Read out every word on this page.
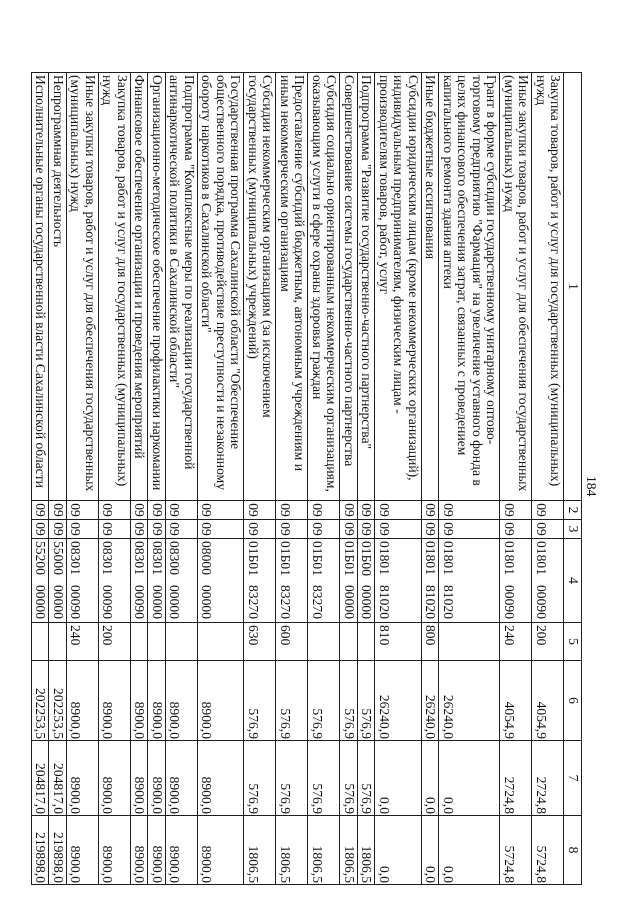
184
1	2	3	4	5	6	7	8
Закупка товаров, работ и услуг для государственных (муниципальных)
нужд	09	09	01801 00090	200	4054,9	2724,8	5724,8
Иные закупки товаров, работ и услуг для обеспечения государственных
(муниципальных) нужд	09	09	01801 00090	240	4054,9	2724,8	5724,8
Грант в форме субсидии государственному унитарному оптово-
торговому предприятию "Фармация" на увеличение уставного фонда в
целях финансового обеспечения затрат, связанных с проведением
капитального ремонта здания аптеки	09	09	01801 81020		26240,0	0,0	0,0
Иные бюджетные ассигнования	09	09	01801 81020	800	26240,0	0,0	0,0
Субсидии юридическим лицам (кроме некоммерческих организаций),
индивидуальным предпринимателям, физическим лицам -
производителям товаров, работ, услуг	09	09	01801 81020	810	26240,0	0,0	0,0
Подпрограмма "Развитие государственно-частного партнерства"	09	09	01Б00 00000		576,9	576,9	1806,5
Совершенствование системы государственно-частного партнерства	09	09	01Б01 00000		576,9	576,9	1806,5
Субсидия социально ориентированным некоммерческим организациям,
оказывающим услуги в сфере охраны здоровья граждан	09	09	01Б01 83270		576,9	576,9	1806,5
Предоставление субсидий бюджетным, автономным учреждениям и
иным некоммерческим организациям	09	09	01Б01 83270	600	576,9	576,9	1806,5
Субсидии некоммерческим организациям (за исключением
государственных (муниципальных) учреждений)	09	09	01Б01 83270	630	576,9	576,9	1806,5
Государственная программа Сахалинской области "Обеспечение
общественного порядка, противодействие преступности и незаконному
обороту наркотиков в Сахалинской области"	09	09	08000 00000		8900,0	8900,0	8900,0
Подпрограмма "Комплексные меры по реализации государственной
антинаркотической политики в Сахалинской области"	09	09	08300 00000		8900,0	8900,0	8900,0
Организационно-методическое обеспечение профилактики наркомании	09	09	08301 00000		8900,0	8900,0	8900,0
Финансовое обеспечение организации и проведения мероприятий	09	09	08301 00090		8900,0	8900,0	8900,0
Закупка товаров, работ и услуг для государственных (муниципальных)
нужд	09	09	08301 00090	200	8900,0	8900,0	8900,0
Иные закупки товаров, работ и услуг для обеспечения государственных
(муниципальных) нужд	09	09	08301 00090	240	8900,0	8900,0	8900,0
Непрограммная деятельность	09	09	55000 00000		202253,5	204817,0	219898,0
Исполнительные органы государственной власти Сахалинской области	09	09	55200 00000		202253,5	204817,0	219898,0
